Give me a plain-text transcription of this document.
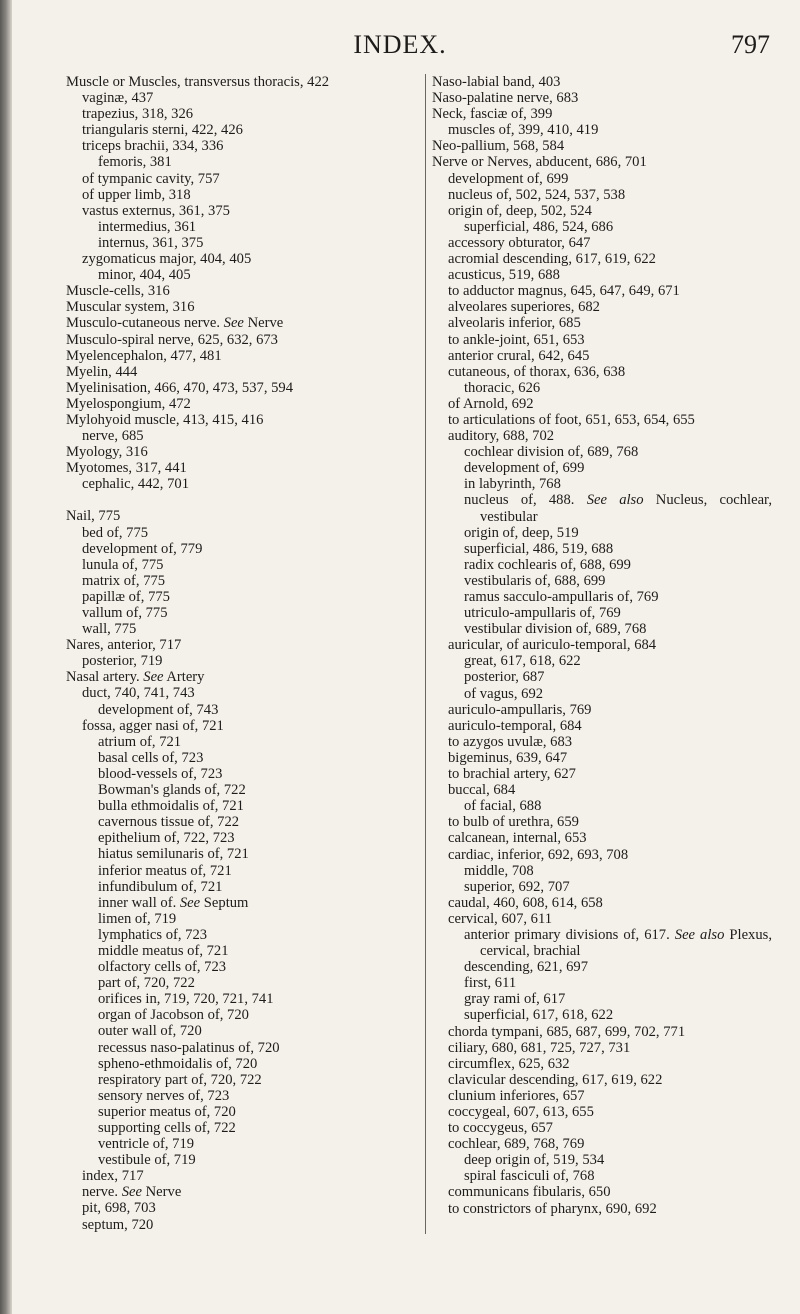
INDEX.	797
Muscle or Muscles, transversus thoracis, 422
vaginæ, 437
trapezius, 318, 326
triangularis sterni, 422, 426
triceps brachii, 334, 336
femoris, 381
of tympanic cavity, 757
of upper limb, 318
vastus externus, 361, 375
intermedius, 361
internus, 361, 375
zygomaticus major, 404, 405
minor, 404, 405
Muscle-cells, 316
Muscular system, 316
Musculo-cutaneous nerve. See Nerve
Musculo-spiral nerve, 625, 632, 673
Myelencephalon, 477, 481
Myelin, 444
Myelinisation, 466, 470, 473, 537, 594
Myelospongium, 472
Mylohyoid muscle, 413, 415, 416
nerve, 685
Myology, 316
Myotomes, 317, 441
cephalic, 442, 701
Nail, 775
bed of, 775
development of, 779
lunula of, 775
matrix of, 775
papillæ of, 775
vallum of, 775
wall, 775
Nares, anterior, 717
posterior, 719
Nasal artery. See Artery
duct, 740, 741, 743
development of, 743
fossa, agger nasi of, 721
atrium of, 721
basal cells of, 723
blood-vessels of, 723
Bowman's glands of, 722
bulla ethmoidalis of, 721
cavernous tissue of, 722
epithelium of, 722, 723
hiatus semilunaris of, 721
inferior meatus of, 721
infundibulum of, 721
inner wall of. See Septum
limen of, 719
lymphatics of, 723
middle meatus of, 721
olfactory cells of, 723
part of, 720, 722
orifices in, 719, 720, 721, 741
organ of Jacobson of, 720
outer wall of, 720
recessus naso-palatinus of, 720
spheno-ethmoidalis of, 720
respiratory part of, 720, 722
sensory nerves of, 723
superior meatus of, 720
supporting cells of, 722
ventricle of, 719
vestibule of, 719
index, 717
nerve. See Nerve
pit, 698, 703
septum, 720
Naso-labial band, 403
Naso-palatine nerve, 683
Neck, fasciæ of, 399
muscles of, 399, 410, 419
Neo-pallium, 568, 584
Nerve or Nerves, abducent, 686, 701
development of, 699
nucleus of, 502, 524, 537, 538
origin of, deep, 502, 524
superficial, 486, 524, 686
accessory obturator, 647
acromial descending, 617, 619, 622
acusticus, 519, 688
to adductor magnus, 645, 647, 649, 671
alveolares superiores, 682
alveolaris inferior, 685
to ankle-joint, 651, 653
anterior crural, 642, 645
cutaneous, of thorax, 636, 638
thoracic, 626
of Arnold, 692
to articulations of foot, 651, 653, 654, 655
auditory, 688, 702
cochlear division of, 689, 768
development of, 699
in labyrinth, 768
nucleus of, 488. See also Nucleus, cochlear, vestibular
origin of, deep, 519
superficial, 486, 519, 688
radix cochlearis of, 688, 699
vestibularis of, 688, 699
ramus sacculo-ampullaris of, 769
utriculo-ampullaris of, 769
vestibular division of, 689, 768
auricular, of auriculo-temporal, 684
great, 617, 618, 622
posterior, 687
of vagus, 692
auriculo-ampullaris, 769
auriculo-temporal, 684
to azygos uvulæ, 683
bigeminus, 639, 647
to brachial artery, 627
buccal, 684
of facial, 688
to bulb of urethra, 659
calcanean, internal, 653
cardiac, inferior, 692, 693, 708
middle, 708
superior, 692, 707
caudal, 460, 608, 614, 658
cervical, 607, 611
anterior primary divisions of, 617. See also Plexus, cervical, brachial
descending, 621, 697
first, 611
gray rami of, 617
superficial, 617, 618, 622
chorda tympani, 685, 687, 699, 702, 771
ciliary, 680, 681, 725, 727, 731
circumflex, 625, 632
clavicular descending, 617, 619, 622
clunium inferiores, 657
coccygeal, 607, 613, 655
to coccygeus, 657
cochlear, 689, 768, 769
deep origin of, 519, 534
spiral fasciculi of, 768
communicans fibularis, 650
to constrictors of pharynx, 690, 692
